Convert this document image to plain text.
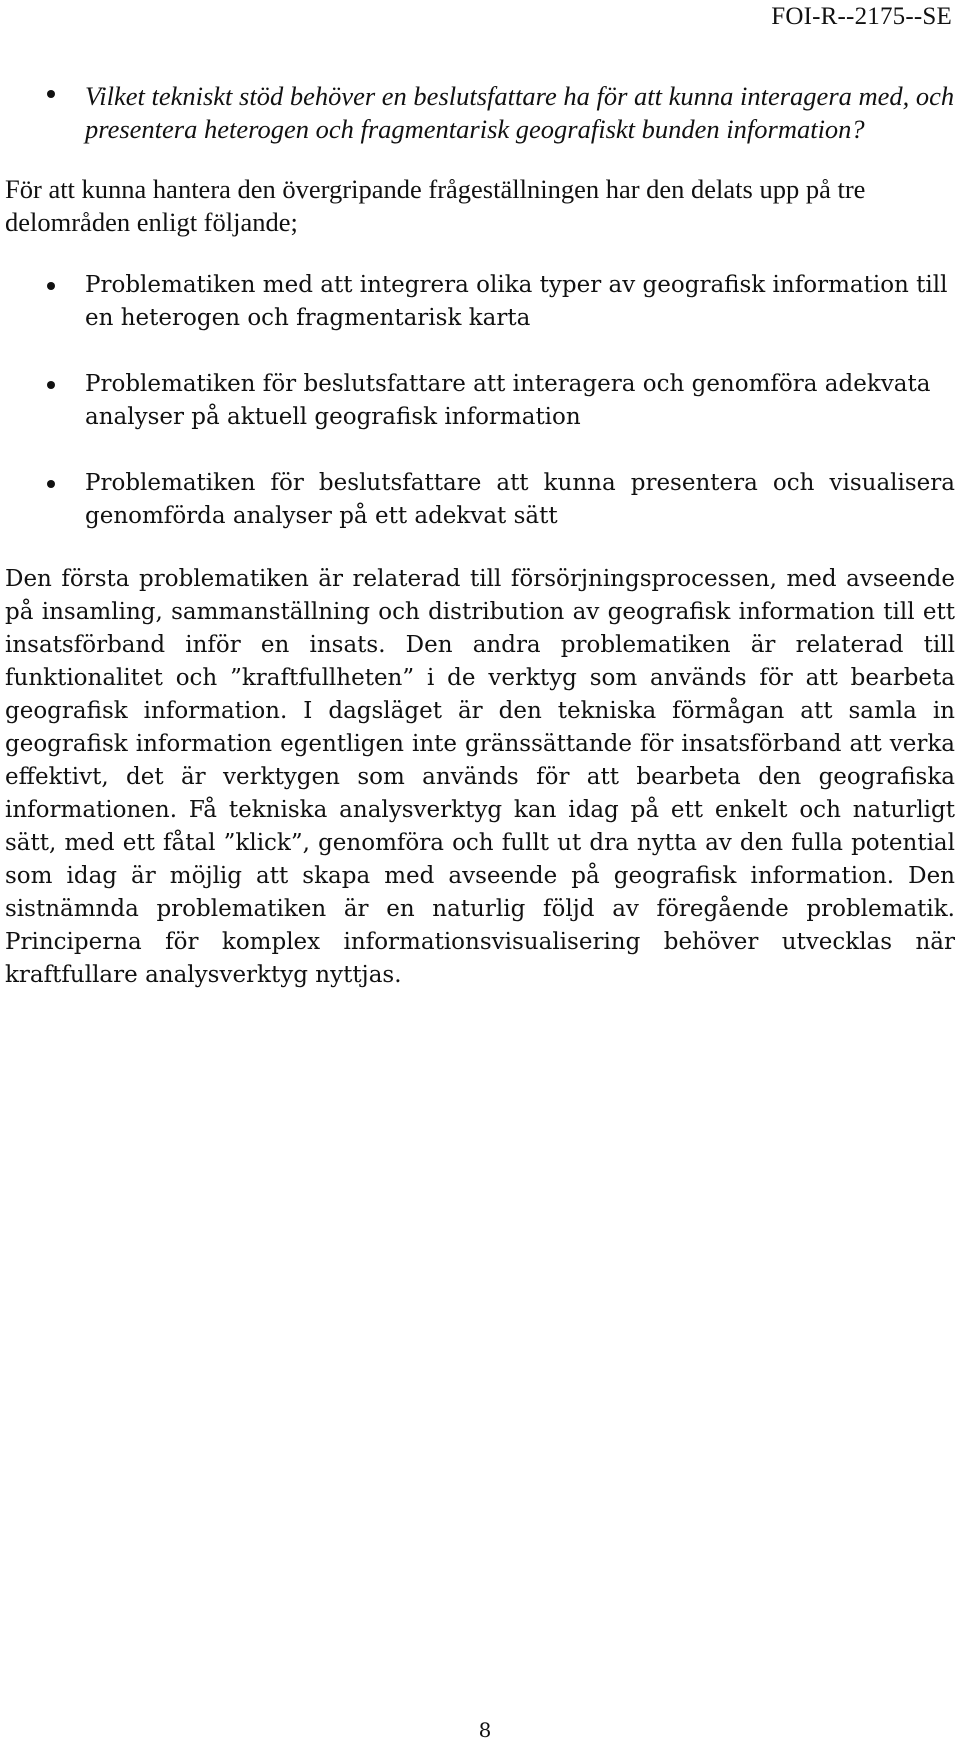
FOI-R--2175--SE
Vilket tekniskt stöd behöver en beslutsfattare ha för att kunna interagera med, och presentera heterogen och fragmentarisk geografiskt bunden information?

För att kunna hantera den övergripande frågeställningen har den delats upp på tre delområden enligt följande;

Problematiken med att integrera olika typer av geografisk information till en heterogen och fragmentarisk karta
Problematiken för beslutsfattare att interagera och genomföra adekvata analyser på aktuell geografisk information
Problematiken för beslutsfattare att kunna presentera och visualisera genomförda analyser på ett adekvat sätt

Den första problematiken är relaterad till försörjningsprocessen, med avseende på insamling, sammanställning och distribution av geografisk information till ett insatsförband inför en insats. Den andra problematiken är relaterad till funktionalitet och ”kraftfullheten” i de verktyg som används för att bearbeta geografisk information. I dagsläget är den tekniska förmågan att samla in geografisk information egentligen inte gränssättande för insatsförband att verka effektivt, det är verktygen som används för att bearbeta den geografiska informationen. Få tekniska analysverktyg kan idag på ett enkelt och naturligt sätt, med ett fåtal ”klick”, genomföra och fullt ut dra nytta av den fulla potential som idag är möjlig att skapa med avseende på geografisk information. Den sistnämnda problematiken är en naturlig följd av föregående problematik. Principerna för komplex informationsvisualisering behöver utvecklas när kraftfullare analysverktyg nyttjas.

8
